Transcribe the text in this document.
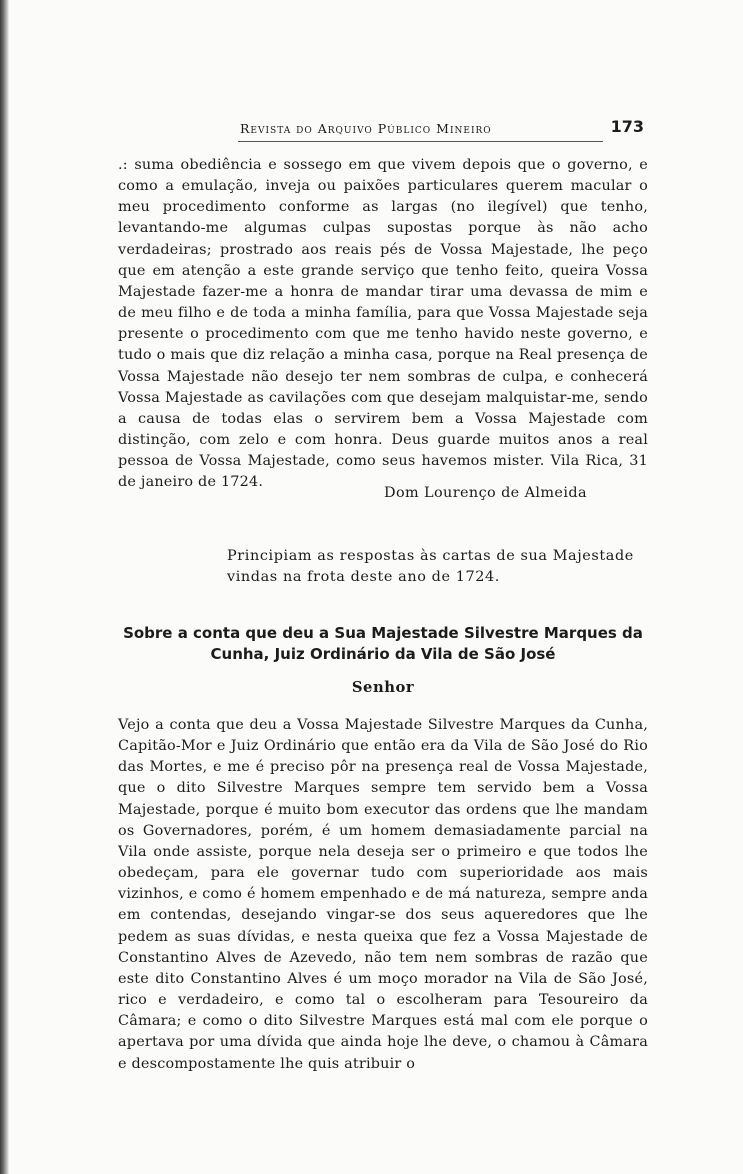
Revista do Arquivo Público Mineiro	173

.: suma obediência e sossego em que vivem depois que o governo, e como a emulação, inveja ou paixões particulares querem macular o meu procedimento conforme as largas (no ilegível) que tenho, levantando-me algumas culpas supostas porque às não acho verdadeiras; prostrado aos reais pés de Vossa Majestade, lhe peço que em atenção a este grande serviço que tenho feito, queira Vossa Majestade fazer-me a honra de mandar tirar uma devassa de mim e de meu filho e de toda a minha família, para que Vossa Majestade seja presente o procedimento com que me tenho havido neste governo, e tudo o mais que diz relação a minha casa, porque na Real presença de Vossa Majestade não desejo ter nem sombras de culpa, e conhecerá Vossa Majestade as cavilações com que desejam malquistar-me, sendo a causa de todas elas o servirem bem a Vossa Majestade com distinção, com zelo e com honra. Deus guarde muitos anos a real pessoa de Vossa Majestade, como seus havemos mister. Vila Rica, 31 de janeiro de 1724.

Dom Lourenço de Almeida

Principiam as respostas às cartas de sua Majestade vindas na frota deste ano de 1724.

Sobre a conta que deu a Sua Majestade Silvestre Marques da Cunha, Juiz Ordinário da Vila de São José

Senhor

Vejo a conta que deu a Vossa Majestade Silvestre Marques da Cunha, Capitão-Mor e Juiz Ordinário que então era da Vila de São José do Rio das Mortes, e me é preciso pôr na presença real de Vossa Majestade, que o dito Silvestre Marques sempre tem servido bem a Vossa Majestade, porque é muito bom executor das ordens que lhe mandam os Governadores, porém, é um homem demasiadamente parcial na Vila onde assiste, porque nela deseja ser o primeiro e que todos lhe obedeçam, para ele governar tudo com superioridade aos mais vizinhos, e como é homem empenhado e de má natureza, sempre anda em contendas, desejando vingar-se dos seus aqueredores que lhe pedem as suas dívidas, e nesta queixa que fez a Vossa Majestade de Constantino Alves de Azevedo, não tem nem sombras de razão que este dito Constantino Alves é um moço morador na Vila de São José, rico e verdadeiro, e como tal o escolheram para Tesoureiro da Câmara; e como o dito Silvestre Marques está mal com ele porque o apertava por uma dívida que ainda hoje lhe deve, o chamou à Câmara e descompostamente lhe quis atribuir o
